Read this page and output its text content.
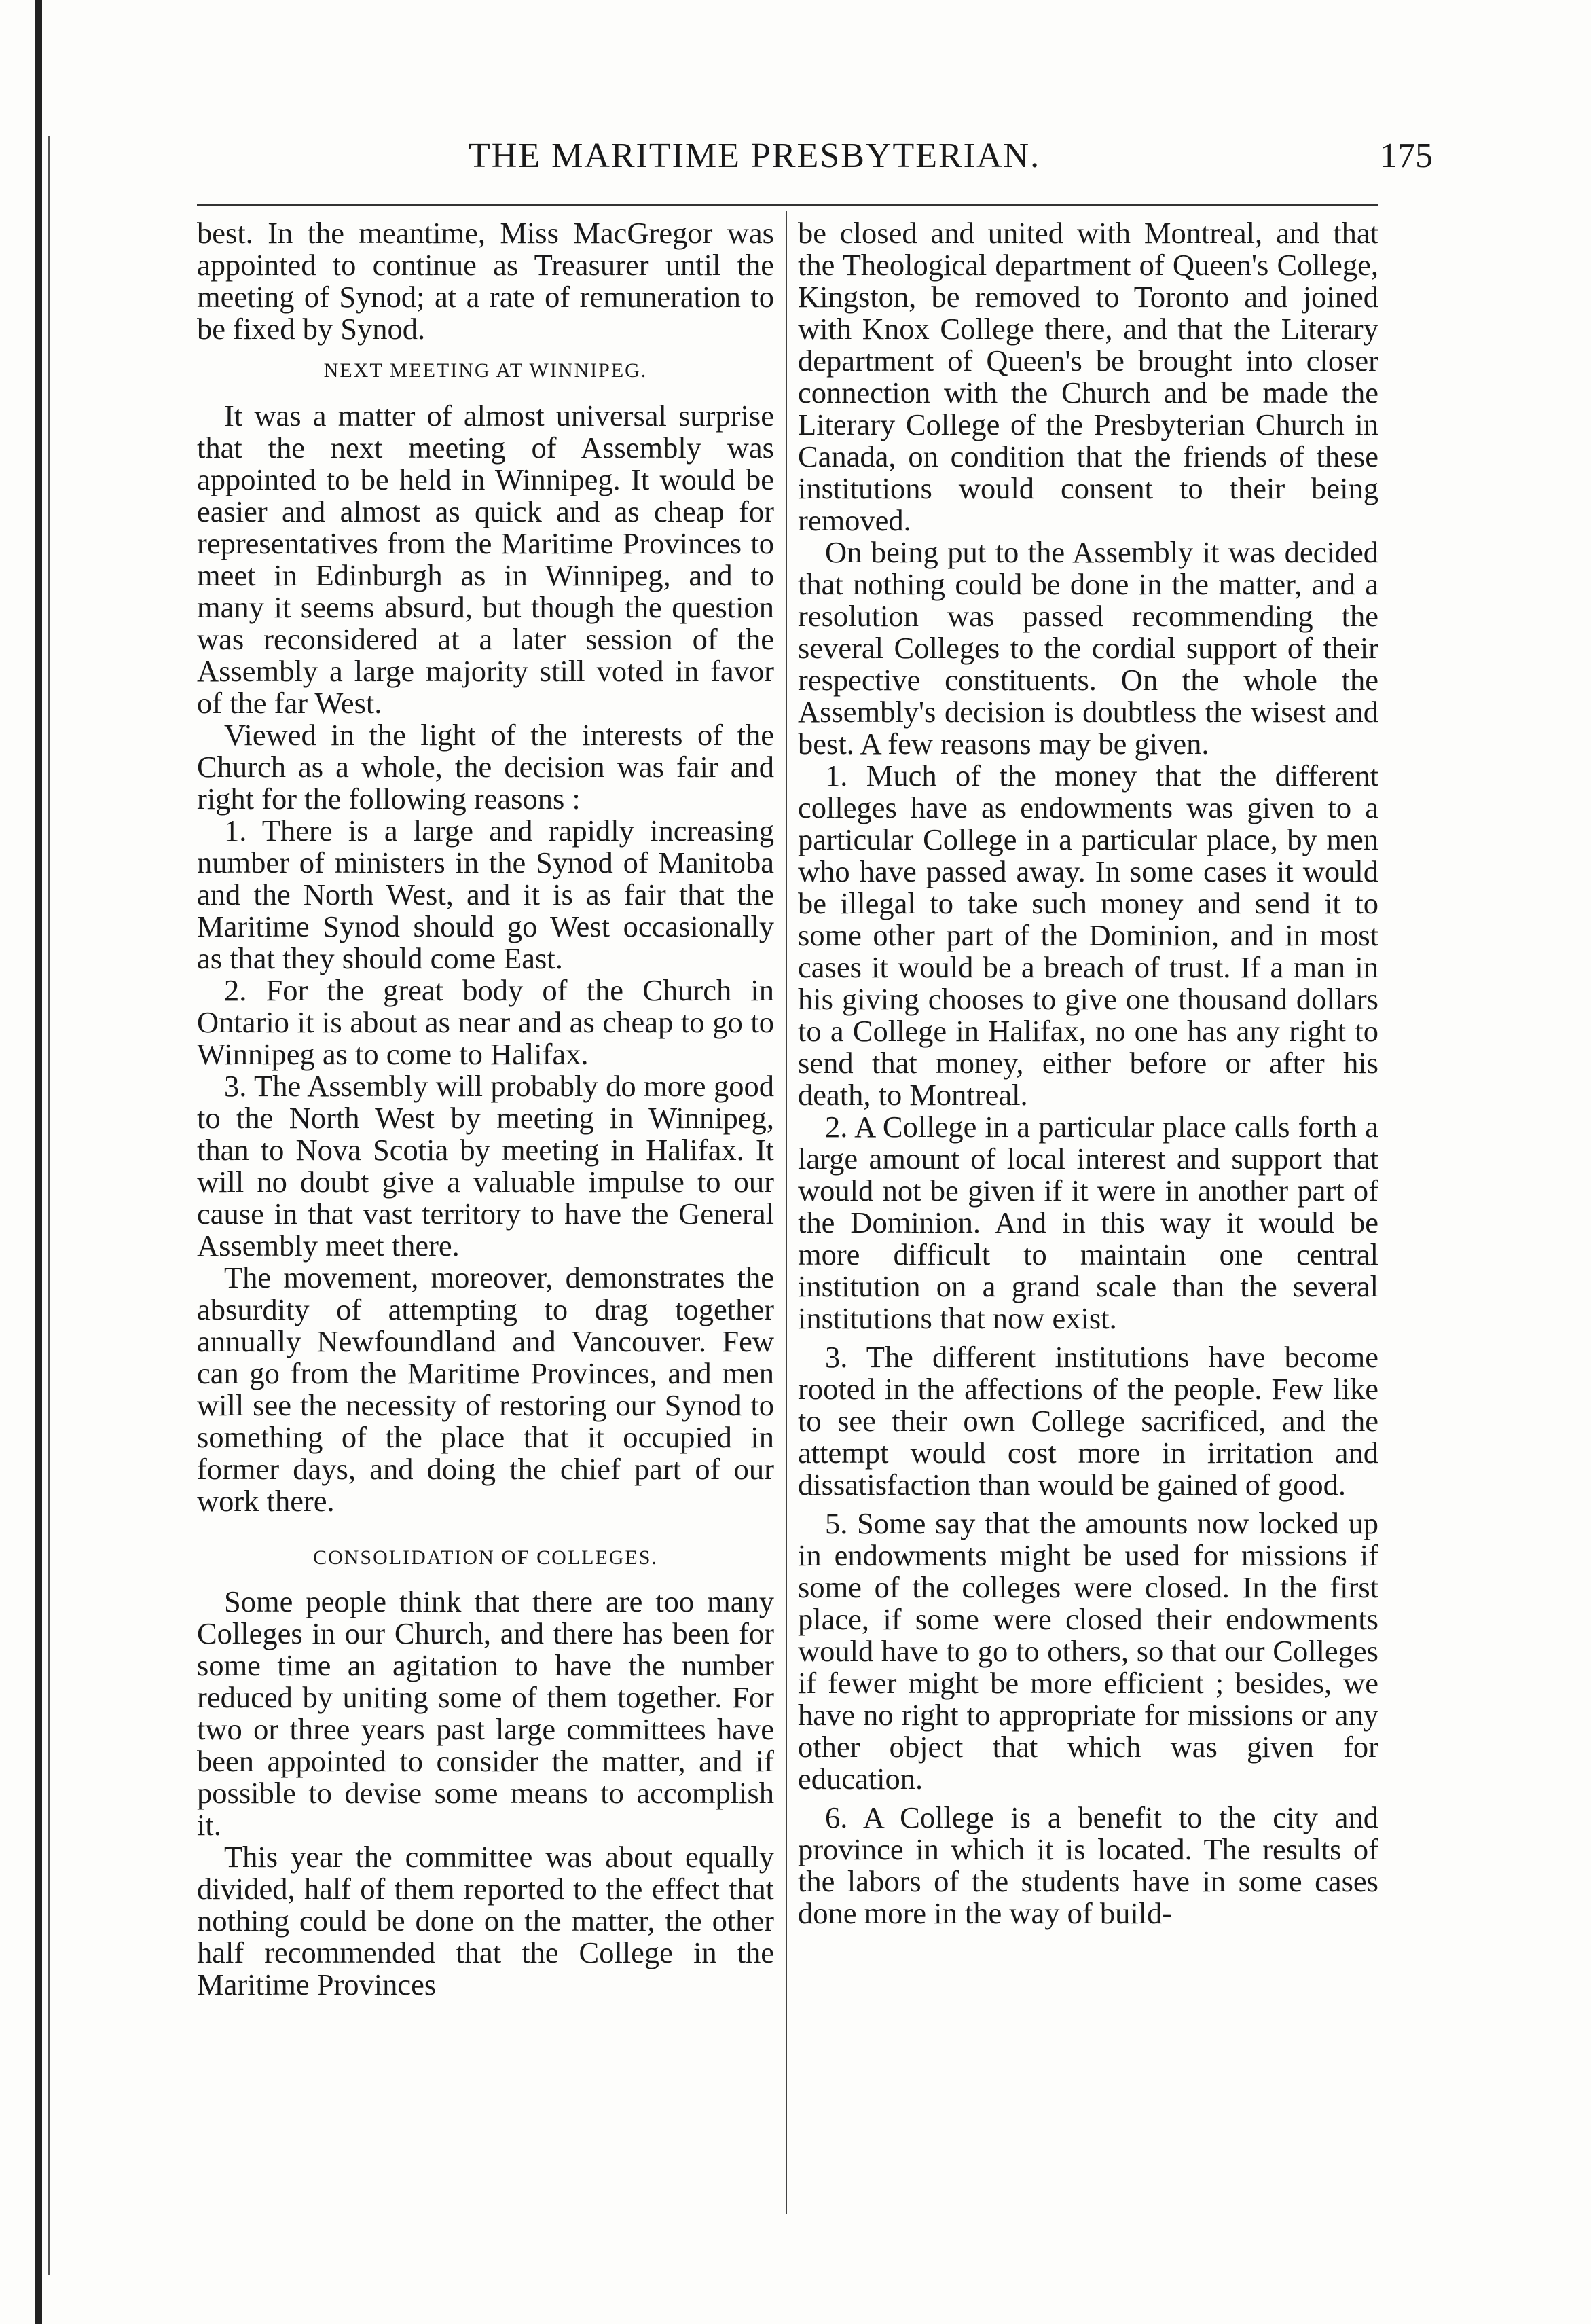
THE MARITIME PRESBYTERIAN.	175

best. In the meantime, Miss MacGregor was appointed to continue as Treasurer until the meeting of Synod; at a rate of remuneration to be fixed by Synod.

NEXT MEETING AT WINNIPEG.

It was a matter of almost universal surprise that the next meeting of Assembly was appointed to be held in Winnipeg. It would be easier and almost as quick and as cheap for representatives from the Maritime Provinces to meet in Edinburgh as in Winnipeg, and to many it seems absurd, but though the question was reconsidered at a later session of the Assembly a large majority still voted in favor of the far West.

Viewed in the light of the interests of the Church as a whole, the decision was fair and right for the following reasons :

1. There is a large and rapidly increasing number of ministers in the Synod of Manitoba and the North West, and it is as fair that the Maritime Synod should go West occasionally as that they should come East.

2. For the great body of the Church in Ontario it is about as near and as cheap to go to Winnipeg as to come to Halifax.

3. The Assembly will probably do more good to the North West by meeting in Winnipeg, than to Nova Scotia by meeting in Halifax. It will no doubt give a valuable impulse to our cause in that vast territory to have the General Assembly meet there.

The movement, moreover, demonstrates the absurdity of attempting to drag together annually Newfoundland and Vancouver. Few can go from the Maritime Provinces, and men will see the necessity of restoring our Synod to something of the place that it occupied in former days, and doing the chief part of our work there.

CONSOLIDATION OF COLLEGES.

Some people think that there are too many Colleges in our Church, and there has been for some time an agitation to have the number reduced by uniting some of them together. For two or three years past large committees have been appointed to consider the matter, and if possible to devise some means to accomplish it.

This year the committee was about equally divided, half of them reported to the effect that nothing could be done on the matter, the other half recommended that the College in the Maritime Provinces

be closed and united with Montreal, and that the Theological department of Queen's College, Kingston, be removed to Toronto and joined with Knox College there, and that the Literary department of Queen's be brought into closer connection with the Church and be made the Literary College of the Presbyterian Church in Canada, on condition that the friends of these institutions would consent to their being removed.

On being put to the Assembly it was decided that nothing could be done in the matter, and a resolution was passed recommending the several Colleges to the cordial support of their respective constituents. On the whole the Assembly's decision is doubtless the wisest and best. A few reasons may be given.

1. Much of the money that the different colleges have as endowments was given to a particular College in a particular place, by men who have passed away. In some cases it would be illegal to take such money and send it to some other part of the Dominion, and in most cases it would be a breach of trust. If a man in his giving chooses to give one thousand dollars to a College in Halifax, no one has any right to send that money, either before or after his death, to Montreal.

2. A College in a particular place calls forth a large amount of local interest and support that would not be given if it were in another part of the Dominion. And in this way it would be more difficult to maintain one central institution on a grand scale than the several institutions that now exist.

3. The different institutions have become rooted in the affections of the people. Few like to see their own College sacrificed, and the attempt would cost more in irritation and dissatisfaction than would be gained of good.

5. Some say that the amounts now locked up in endowments might be used for missions if some of the colleges were closed. In the first place, if some were closed their endowments would have to go to others, so that our Colleges if fewer might be more efficient ; besides, we have no right to appropriate for missions or any other object that which was given for education.

6. A College is a benefit to the city and province in which it is located. The results of the labors of the students have in some cases done more in the way of build-
